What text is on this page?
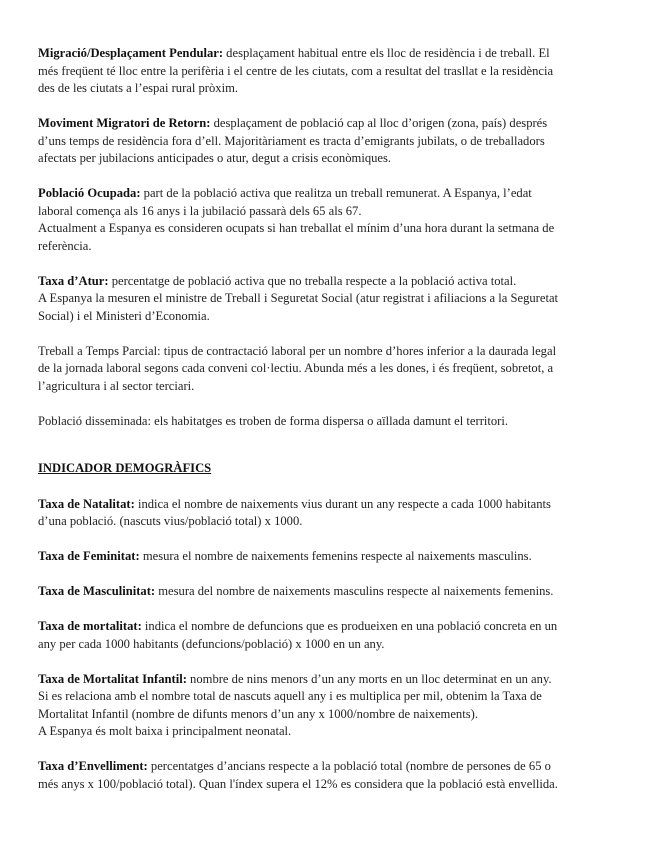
Migració/Desplaçament Pendular: desplaçament habitual entre els lloc de residència i de treball. El
més freqüent té lloc entre la perifèria i el centre de les ciutats, com a resultat del trasllat e la residència
des de les ciutats a l’espai rural pròxim.
Moviment Migratori de Retorn: desplaçament de població cap al lloc d’origen (zona, país) després
d’uns temps de residència fora d’ell. Majoritàriament es tracta d’emigrants jubilats, o de treballadors
afectats per jubilacions anticipades o atur, degut a crisis econòmiques.
Població Ocupada: part de la població activa que realitza un treball remunerat. A Espanya, l’edat
laboral comença als 16 anys i la jubilació passarà dels 65 als 67.
Actualment a Espanya es consideren ocupats si han treballat el mínim d’una hora durant la setmana de
referència.
Taxa d’Atur: percentatge de població activa que no treballa respecte a la població activa total.
A Espanya la mesuren el ministre de Treball i Seguretat Social (atur registrat i afiliacions a la Seguretat
Social) i el Ministeri d’Economia.
Treball a Temps Parcial: tipus de contractació laboral per un nombre d’hores inferior a la daurada legal
de la jornada laboral segons cada conveni col·lectiu. Abunda més a les dones, i és freqüent, sobretot, a
l’agricultura i al sector terciari.
Població disseminada: els habitatges es troben de forma dispersa o aïllada damunt el territori.
INDICADOR DEMOGRÀFICS
Taxa de Natalitat: indica el nombre de naixements vius durant un any respecte a cada 1000 habitants
d’una població. (nascuts vius/població total) x 1000.
Taxa de Feminitat: mesura el nombre de naixements femenins respecte al naixements masculins.
Taxa de Masculinitat: mesura del nombre de naixements masculins respecte al naixements femenins.
Taxa de mortalitat: indica el nombre de defuncions que es produeixen en una població concreta en un
any per cada 1000 habitants (defuncions/població) x 1000 en un any.
Taxa de Mortalitat Infantil: nombre de nins menors d’un any morts en un lloc determinat en un any.
Si es relaciona amb el nombre total de nascuts aquell any i es multiplica per mil, obtenim la Taxa de
Mortalitat Infantil (nombre de difunts menors d’un any x 1000/nombre de naixements).
A Espanya és molt baixa i principalment neonatal.
Taxa d’Envelliment: percentatges d’ancians respecte a la població total (nombre de persones de 65 o
més anys x 100/població total). Quan l'índex supera el 12% es considera que la població està envellida.
